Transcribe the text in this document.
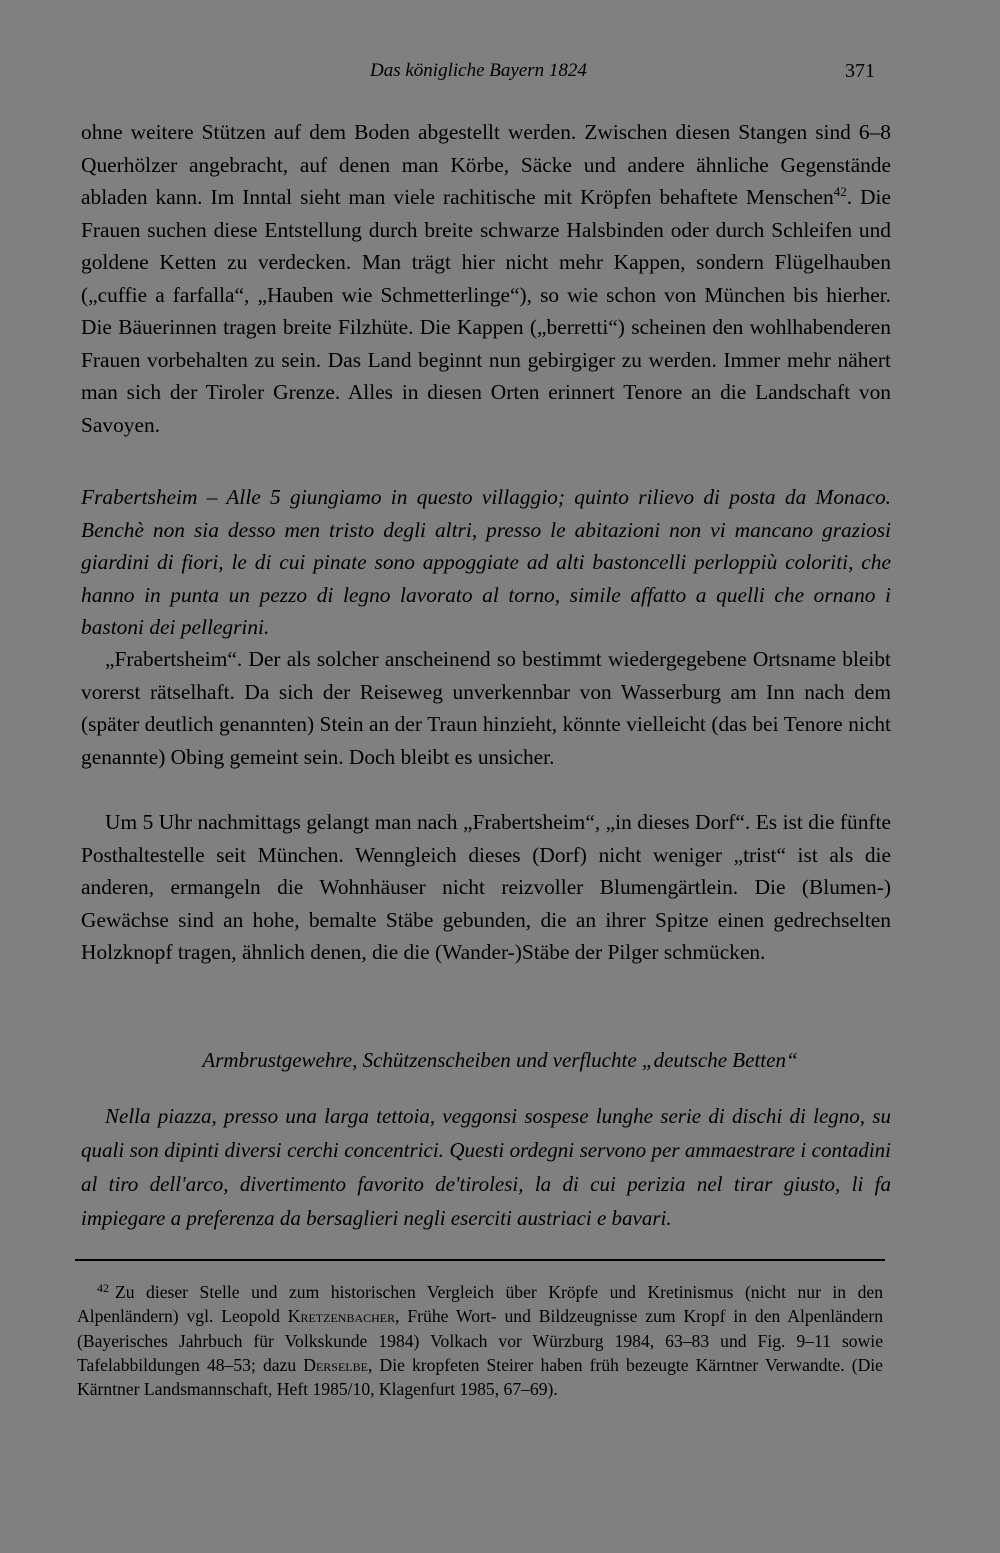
Das königliche Bayern 1824	371

ohne weitere Stützen auf dem Boden abgestellt werden. Zwischen diesen Stangen sind 6–8 Querhölzer angebracht, auf denen man Körbe, Säcke und andere ähnliche Gegenstände abladen kann. Im Inntal sieht man viele rachitische mit Kröpfen behaftete Menschen$^{42}$. Die Frauen suchen diese Entstellung durch breite schwarze Halsbinden oder durch Schleifen und goldene Ketten zu verdecken. Man trägt hier nicht mehr Kappen, sondern Flügelhauben („cuffie a farfalla“, „Hauben wie Schmetterlinge“), so wie schon von München bis hierher. Die Bäuerinnen tragen breite Filzhüte. Die Kappen („berretti“) scheinen den wohlhabenderen Frauen vorbehalten zu sein. Das Land beginnt nun gebirgiger zu werden. Immer mehr nähert man sich der Tiroler Grenze. Alles in diesen Orten erinnert Tenore an die Landschaft von Savoyen.

Frabertsheim – Alle 5 giungiamo in questo villaggio; quinto rilievo di posta da Monaco. Benchè non sia desso men tristo degli altri, presso le abitazioni non vi mancano graziosi giardini di fiori, le di cui pinate sono appoggiate ad alti bastoncelli perloppiù coloriti, che hanno in punta un pezzo di legno lavorato al torno, simile affatto a quelli che ornano i bastoni dei pellegrini.

„Frabertsheim“. Der als solcher anscheinend so bestimmt wiedergegebene Ortsname bleibt vorerst rätselhaft. Da sich der Reiseweg unverkennbar von Wasserburg am Inn nach dem (später deutlich genannten) Stein an der Traun hinzieht, könnte vielleicht (das bei Tenore nicht genannte) Obing gemeint sein. Doch bleibt es unsicher.

Um 5 Uhr nachmittags gelangt man nach „Frabertsheim“, „in dieses Dorf“. Es ist die fünfte Posthaltestelle seit München. Wenngleich dieses (Dorf) nicht weniger „trist“ ist als die anderen, ermangeln die Wohnhäuser nicht reizvoller Blumengärtlein. Die (Blumen-) Gewächse sind an hohe, bemalte Stäbe gebunden, die an ihrer Spitze einen gedrechselten Holzknopf tragen, ähnlich denen, die die (Wander-)Stäbe der Pilger schmücken.

Armbrustgewehre, Schützenscheiben und verfluchte „deutsche Betten“

Nella piazza, presso una larga tettoia, veggonsi sospese lunghe serie di dischi di legno, su quali son dipinti diversi cerchi concentrici. Questi ordegni servono per ammaestrare i contadini al tiro dell'arco, divertimento favorito de'tirolesi, la di cui perizia nel tirar giusto, li fa impiegare a preferenza da bersaglieri negli eserciti austriaci e bavari.

$^{42}$ Zu dieser Stelle und zum historischen Vergleich über Kröpfe und Kretinismus (nicht nur in den Alpenländern) vgl. Leopold Kretzenbacher, Frühe Wort- und Bildzeugnisse zum Kropf in den Alpenländern (Bayerisches Jahrbuch für Volkskunde 1984) Volkach vor Würzburg 1984, 63–83 und Fig. 9–11 sowie Tafelabbildungen 48–53; dazu Derselbe, Die kropfeten Steirer haben früh bezeugte Kärntner Verwandte. (Die Kärntner Landsmannschaft, Heft 1985/10, Klagenfurt 1985, 67–69).
